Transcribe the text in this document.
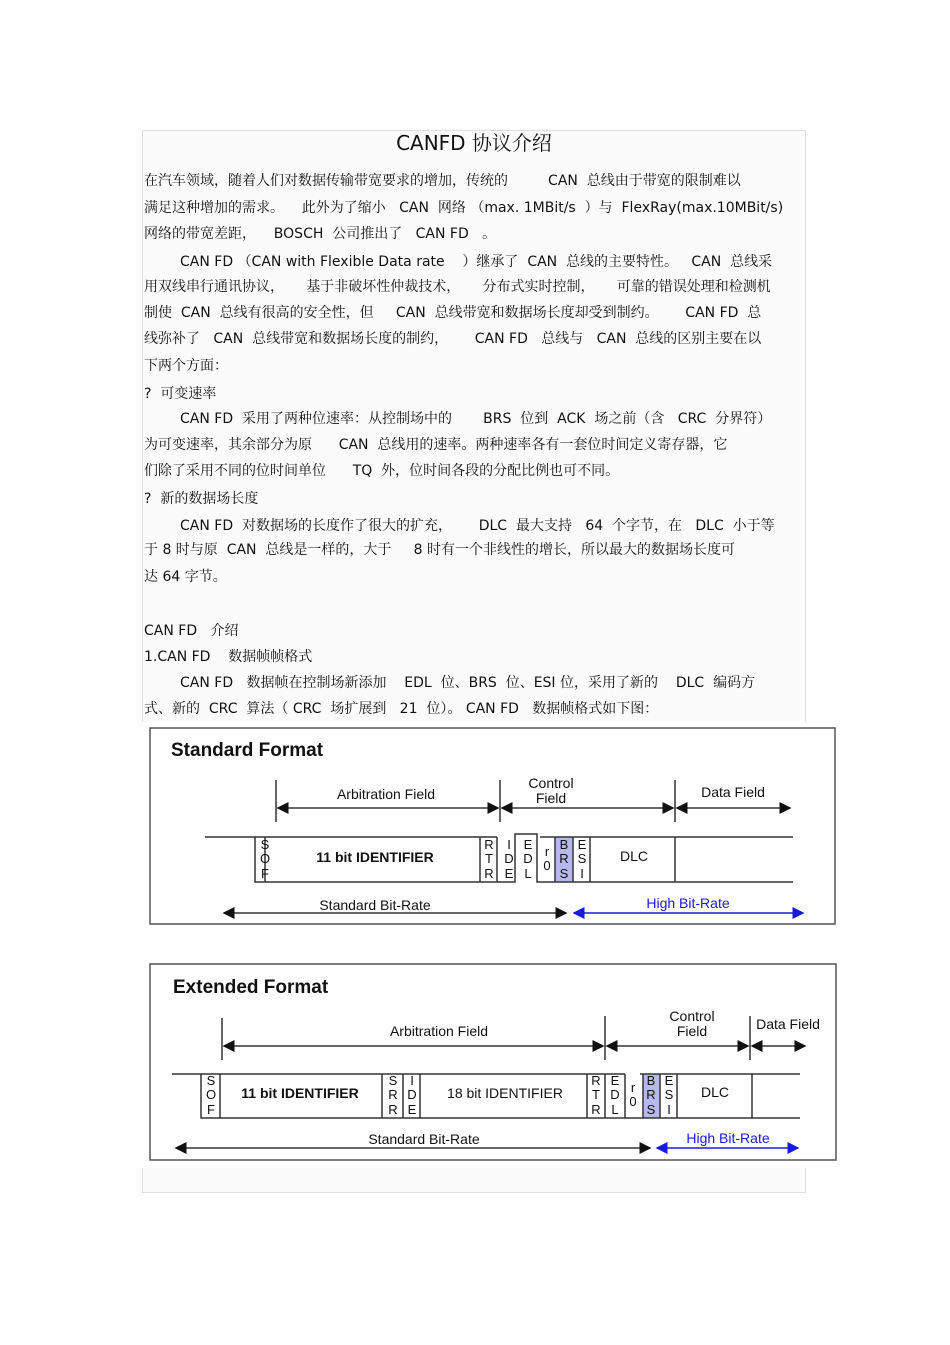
CANFD 协议介绍
在汽车领域，随着人们对数据传输带宽要求的增加，传统的         CAN  总线由于带宽的限制难以
满足这种增加的需求。    此外为了缩小   CAN  网络 （max. 1MBit/s  ）与  FlexRay(max.10MBit/s)
网络的带宽差距，    BOSCH  公司推出了   CAN FD   。
CAN FD （CAN with Flexible Data rate    ）继承了  CAN  总线的主要特性。   CAN  总线采
用双线串行通讯协议，     基于非破坏性仲裁技术，     分布式实时控制，     可靠的错误处理和检测机
制使  CAN  总线有很高的安全性，但     CAN  总线带宽和数据场长度却受到制约。      CAN FD  总
线弥补了   CAN  总线带宽和数据场长度的制约，      CAN FD   总线与   CAN  总线的区别主要在以
下两个方面：
?  可变速率
CAN FD  采用了两种位速率：从控制场中的       BRS  位到  ACK  场之前（含   CRC  分界符）
为可变速率，其余部分为原      CAN  总线用的速率。两种速率各有一套位时间定义寄存器，它
们除了采用不同的位时间单位      TQ  外，位时间各段的分配比例也可不同。
?  新的数据场长度
CAN FD  对数据场的长度作了很大的扩充，      DLC  最大支持   64  个字节，在   DLC  小于等
于 8 时与原  CAN  总线是一样的，大于     8 时有一个非线性的增长，所以最大的数据场长度可
达 64 字节。
CAN FD   介绍
1.CAN FD    数据帧帧格式
CAN FD   数据帧在控制场新添加    EDL  位、BRS  位、ESI 位，采用了新的    DLC  编码方
式、新的  CRC  算法（ CRC  场扩展到   21  位）。 CAN FD   数据帧格式如下图：
Standard Format
Arbitration Field
Control
Field	Data Field
11 bit IDENTIFIER	DLC
Standard Bit-Rate	High Bit-Rate
S
O
F
R
T
R
I
D
E
E
D
L
r
0
B
R
S
E
S
I
Extended Format
Arbitration Field
Control
Field	Data Field
11 bit IDENTIFIER	18 bit IDENTIFIER	DLC
Standard Bit-Rate	High Bit-Rate
S
O
F
S
R
R
I
D
E
R
T
R
E
D
L
r
0
B
R
S
E
S
I
